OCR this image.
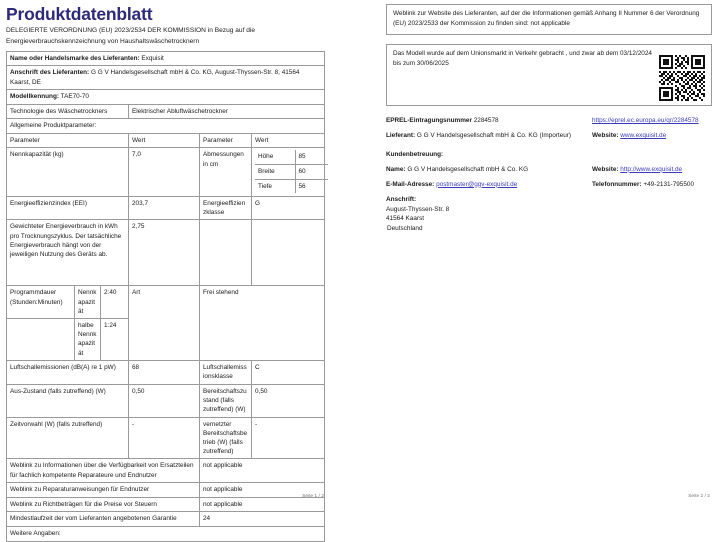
Produktdatenblatt
DELEGIERTE VERORDNUNG (EU) 2023/2534 DER KOMMISSION in Bezug auf die Energieverbrauchskennzeichnung von Haushaltswäschetrocknern
Name oder Handelsmarke des Lieferanten: Exquisit
Anschrift des Lieferanten: G G V Handelsgesellschaft mbH & Co. KG, August-Thyssen-Str. 8, 41564 Kaarst, DE
Modellkennung: TAE70-70
Technologie des Wäschetrockners	Elektrischer Abluftwäschetrockner
Allgemeine Produktparameter:
Parameter	Wert	Parameter	Wert
Nennkapazität (kg)	7,0	Abmessungen in cm	
Höhe	85
Breite	60
Tiefe	56

Energieeffizienzindex (EEI)	203,7	Energieeffizienzklasse	G
Gewichteter Energieverbrauch in kWh pro Trocknungszyklus. Der tatsächliche Energieverbrauch hängt von der jeweiligen Nutzung des Geräts ab.	2,75		
Programmdauer (Stunden:Minuten)	Nennkapazität	2:40	Art	Frei stehend
	halbe Nennkapazität	1:24
Luftschallemissionen (dB(A) re 1 pW)	68	Luftschallemissionsklasse	C
Aus-Zustand (falls zutreffend) (W)	0,50	Bereitschaftszustand (falls zutreffend) (W)	0,50
Zeitvorwahl (W) (falls zutreffend)	-	vernetzter Bereitschaftsbetrieb (W) (falls zutreffend)	-
Weblink zu Informationen über die Verfügbarkeit von Ersatzteilen für fachlich kompetente Reparateure und Endnutzer	not applicable
Weblink zu Reparaturanweisungen für Endnutzer	not applicable
Weblink zu Richtbeträgen für die Preise vor Steuern	not applicable
Mindestlaufzeit der vom Lieferanten angebotenen Garantie	24
Weitere Angaben:
Seite 1 / 2
Weblink zur Website des Lieferanten, auf der die Informationen gemäß Anhang II Nummer 6 der Verordnung (EU) 2023/2533 der Kommission zu finden sind: not applicable
Das Modell wurde auf dem Unionsmarkt in Verkehr gebracht , und zwar ab dem 03/12/2024 bis zum 30/06/2025
EPREL-Eintragungsnummer 2284578	https://eprel.ec.europa.eu/qr/2284578
Lieferant: G G V Handelsgesellschaft mbH & Co. KG (Importeur)	Website: www.exquisit.de
Kundenbetreuung:
Name: G G V Handelsgesellschaft mbH & Co. KG	Website: http://www.exquisit.de
E-Mail-Adresse: postmaster@ggv-exquisit.de	Telefonnummer: +49-2131-795500
Anschrift:
August-Thyssen-Str. 8
41564 Kaarst
Deutschland
Seite 2 / 2
